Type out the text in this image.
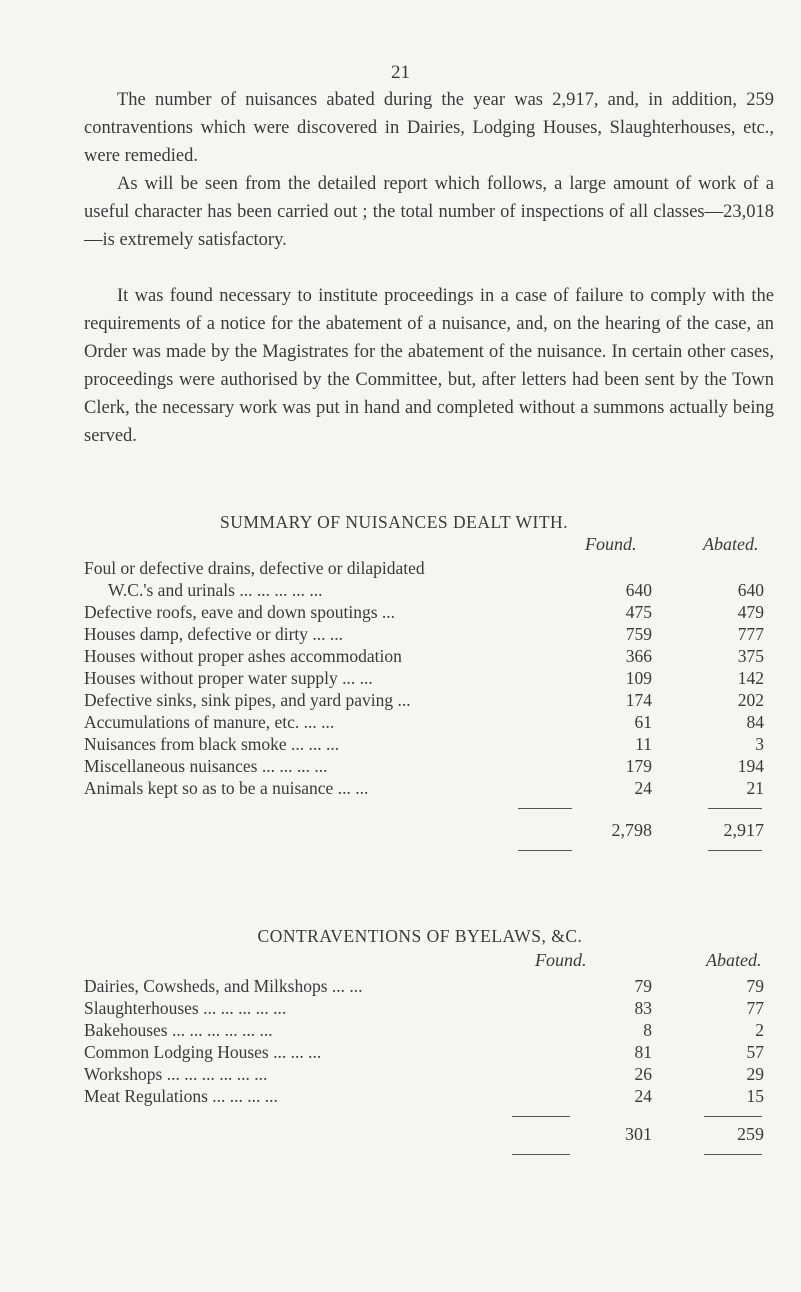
21

The number of nuisances abated during the year was 2,917, and, in addition, 259 contraventions which were discovered in Dairies, Lodging Houses, Slaughterhouses, etc., were remedied.

As will be seen from the detailed report which follows, a large amount of work of a useful character has been carried out ; the total number of inspections of all classes—23,018—is extremely satisfactory.

It was found necessary to institute proceedings in a case of failure to comply with the requirements of a notice for the abatement of a nuisance, and, on the hearing of the case, an Order was made by the Magistrates for the abatement of the nuisance. In certain other cases, proceedings were authorised by the Committee, but, after letters had been sent by the Town Clerk, the necessary work was put in hand and completed without a summons actually being served.

SUMMARY OF NUISANCES DEALT WITH.
Found.	Abated.
Foul or defective drains, defective or dilapidated
W.C.'s and urinals ... ... ... ... ...	640	640
Defective roofs, eave and down spoutings ...	475	479
Houses damp, defective or dirty ... ...	759	777
Houses without proper ashes accommodation	366	375
Houses without proper water supply ... ...	109	142
Defective sinks, sink pipes, and yard paving ...	174	202
Accumulations of manure, etc. ... ...	61	84
Nuisances from black smoke ... ... ...	11	3
Miscellaneous nuisances ... ... ... ...	179	194
Animals kept so as to be a nuisance ... ...	24	21
2,798	2,917
CONTRAVENTIONS OF BYELAWS, &C.
Found.	Abated.
Dairies, Cowsheds, and Milkshops ... ...	79	79
Slaughterhouses ... ... ... ... ...	83	77
Bakehouses ... ... ... ... ... ...	8	2
Common Lodging Houses ... ... ...	81	57
Workshops ... ... ... ... ... ...	26	29
Meat Regulations ... ... ... ...	24	15
301	259
